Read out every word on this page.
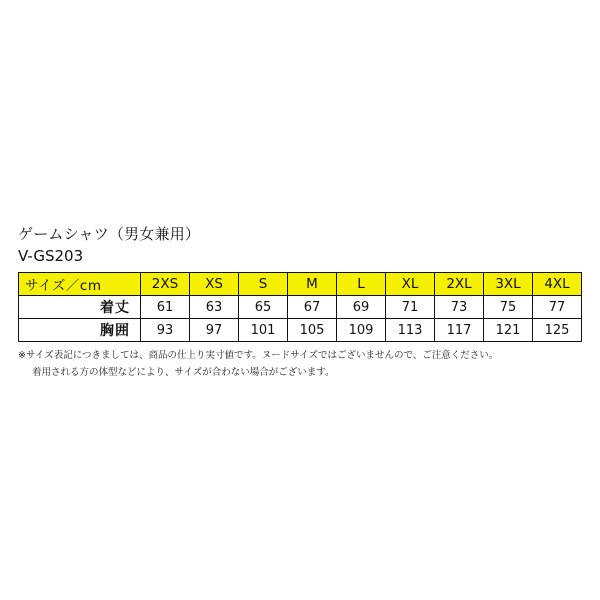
ゲームシャツ（男女兼用）
V-GS203
サイズ／cm	2XS	XS	S	M	L	XL	2XL	3XL	4XL
着丈	61	63	65	67	69	71	73	75	77
胸囲	93	97	101	105	109	113	117	121	125
※サイズ表記につきましては、商品の仕上り実寸値です。ヌードサイズではございませんので、ご注意ください。
着用される方の体型などにより、サイズが合わない場合がございます。
